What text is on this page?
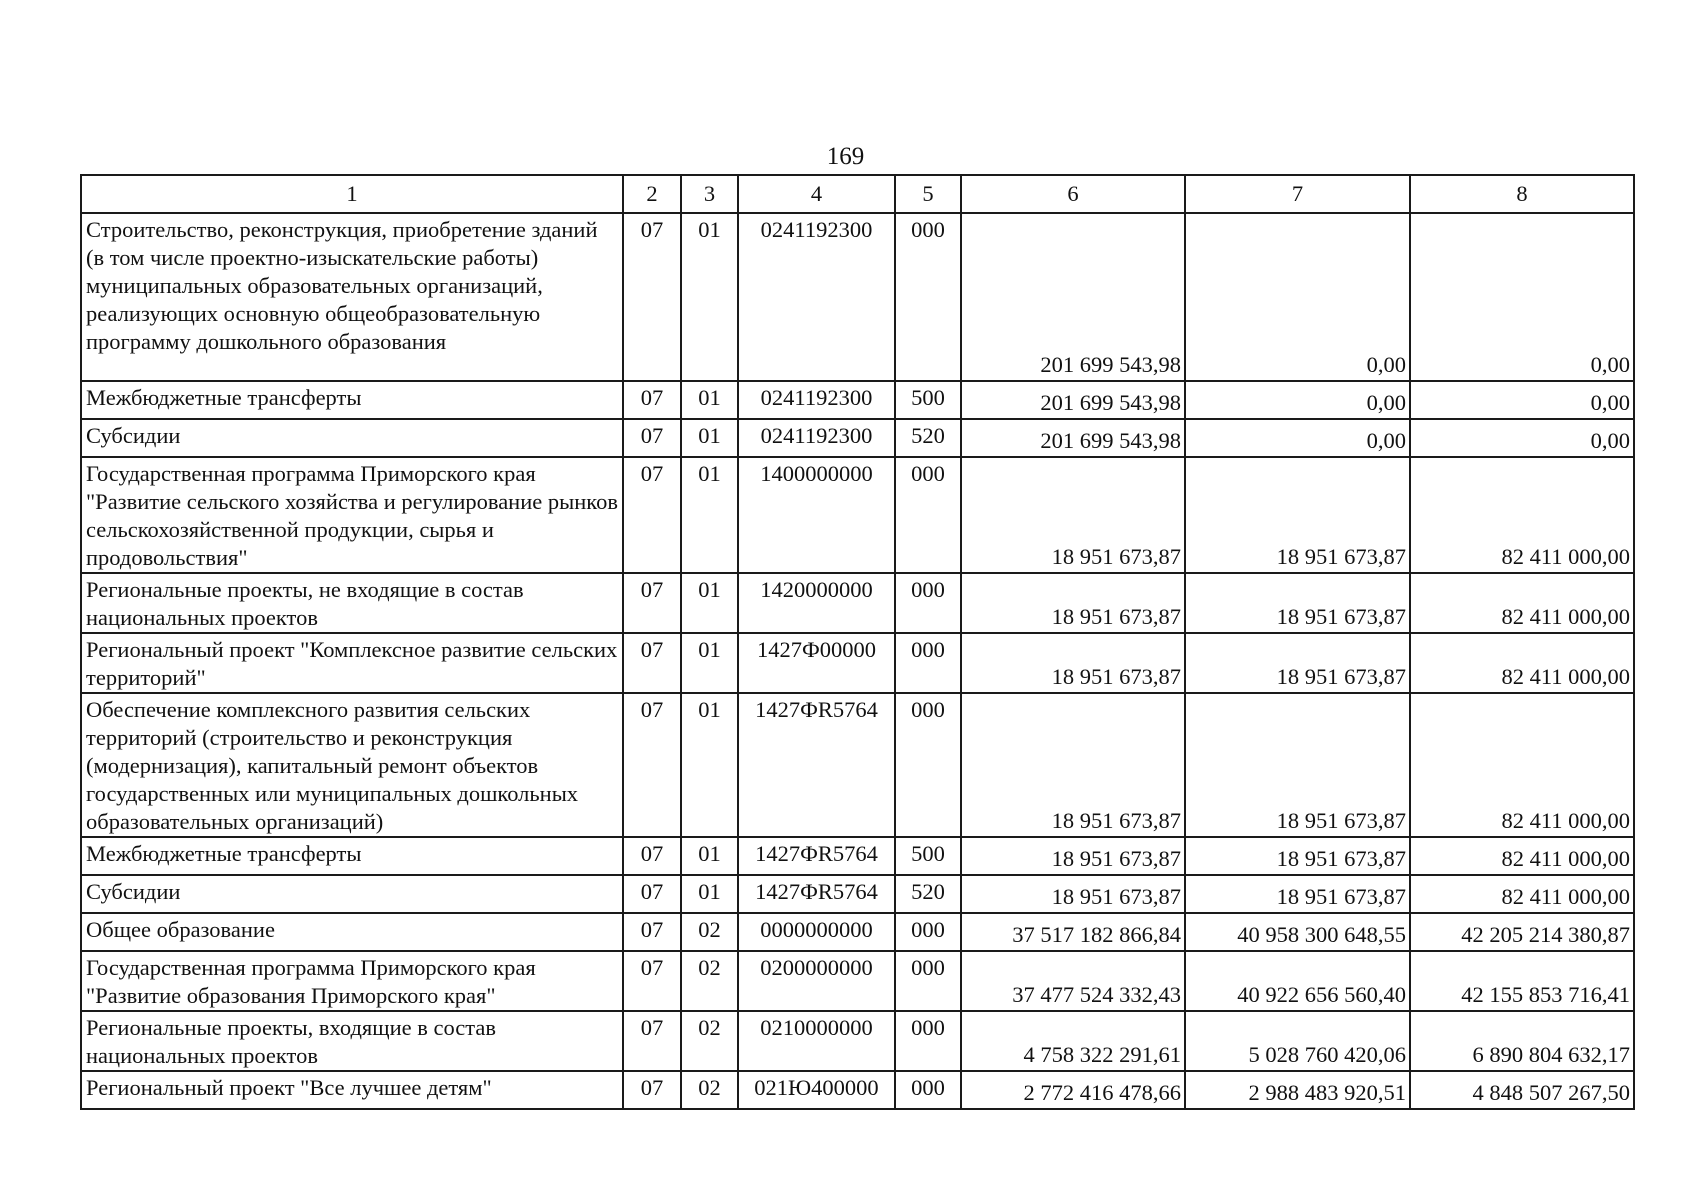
169
1	2	3	4	5	6	7	8
Строительство, реконструкция, приобретение зданий (в том числе проектно-изыскательские работы) муниципальных образовательных организаций, реализующих основную общеобразовательную программу дошкольного образования	07	01	0241192300	000	201 699 543,98	0,00	0,00
Межбюджетные трансферты	07	01	0241192300	500	201 699 543,98	0,00	0,00
Субсидии	07	01	0241192300	520	201 699 543,98	0,00	0,00
Государственная программа Приморского края "Развитие сельского хозяйства и регулирование рынков сельскохозяйственной продукции, сырья и продовольствия"	07	01	1400000000	000	18 951 673,87	18 951 673,87	82 411 000,00
Региональные проекты, не входящие в состав национальных проектов	07	01	1420000000	000	18 951 673,87	18 951 673,87	82 411 000,00
Региональный проект "Комплексное развитие сельских территорий"	07	01	1427Ф00000	000	18 951 673,87	18 951 673,87	82 411 000,00
Обеспечение комплексного развития сельских территорий (строительство и реконструкция (модернизация), капитальный ремонт объектов государственных или муниципальных дошкольных образовательных организаций)	07	01	1427ФR5764	000	18 951 673,87	18 951 673,87	82 411 000,00
Межбюджетные трансферты	07	01	1427ФR5764	500	18 951 673,87	18 951 673,87	82 411 000,00
Субсидии	07	01	1427ФR5764	520	18 951 673,87	18 951 673,87	82 411 000,00
Общее образование	07	02	0000000000	000	37 517 182 866,84	40 958 300 648,55	42 205 214 380,87
Государственная программа Приморского края "Развитие образования Приморского края"	07	02	0200000000	000	37 477 524 332,43	40 922 656 560,40	42 155 853 716,41
Региональные проекты, входящие в состав национальных проектов	07	02	0210000000	000	4 758 322 291,61	5 028 760 420,06	6 890 804 632,17
Региональный проект "Все лучшее детям"	07	02	021Ю400000	000	2 772 416 478,66	2 988 483 920,51	4 848 507 267,50
